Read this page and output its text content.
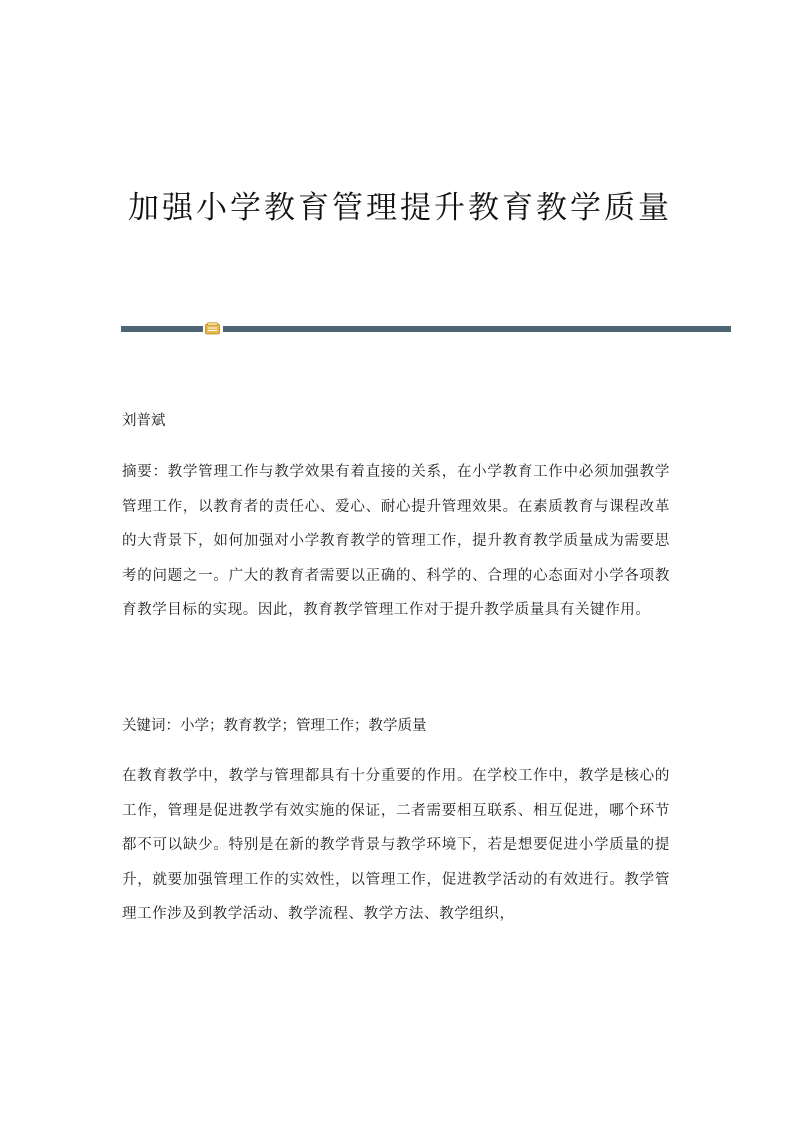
加强小学教育管理提升教育教学质量
刘普斌
摘要：教学管理工作与教学效果有着直接的关系，在小学教育工作中必须加强教学管理工作，以教育者的责任心、爱心、耐心提升管理效果。在素质教育与课程改革的大背景下，如何加强对小学教育教学的管理工作，提升教育教学质量成为需要思考的问题之一。广大的教育者需要以正确的、科学的、合理的心态面对小学各项教育教学目标的实现。因此，教育教学管理工作对于提升教学质量具有关键作用。
关键词：小学；教育教学；管理工作；教学质量
在教育教学中，教学与管理都具有十分重要的作用。在学校工作中，教学是核心的工作，管理是促进教学有效实施的保证，二者需要相互联系、相互促进，哪个环节都不可以缺少。特别是在新的教学背景与教学环境下，若是想要促进小学质量的提升，就要加强管理工作的实效性，以管理工作，促进教学活动的有效进行。教学管理工作涉及到教学活动、教学流程、教学方法、教学组织，
